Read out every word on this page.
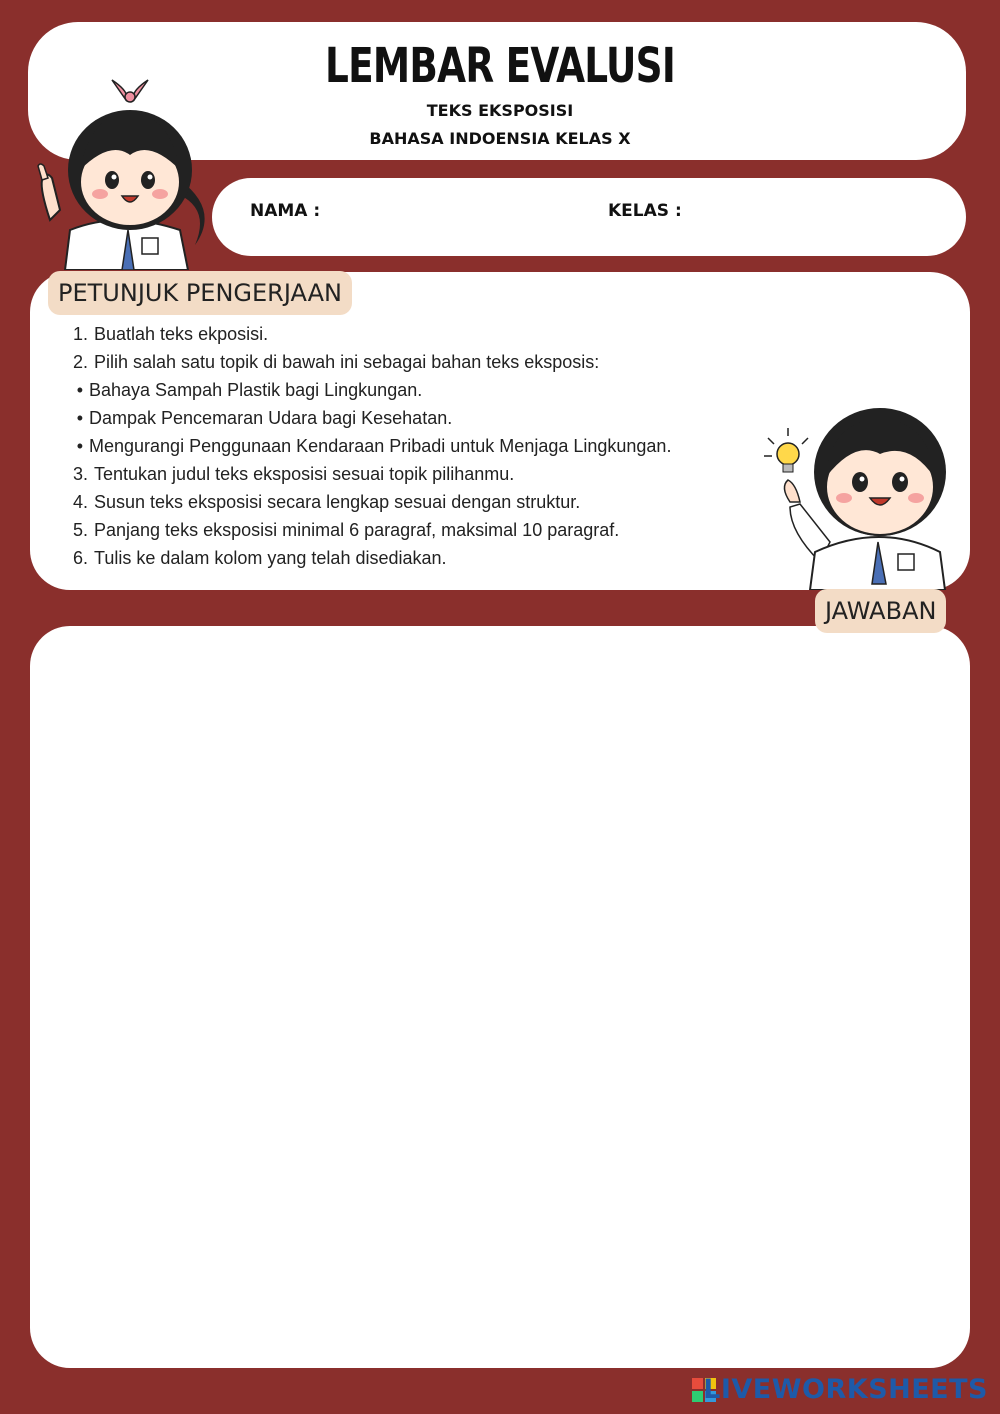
LEMBAR EVALUSI
TEKS EKSPOSISI
BAHASA INDOENSIA KELAS X
NAMA :	KELAS :
PETUNJUK PENGERJAAN
1. Buatlah teks ekposisi.
2. Pilih salah satu topik di bawah ini sebagai bahan teks eksposis:
• Bahaya Sampah Plastik bagi Lingkungan.
• Dampak Pencemaran Udara bagi Kesehatan.
• Mengurangi Penggunaan Kendaraan Pribadi untuk Menjaga Lingkungan.
3. Tentukan judul teks eksposisi sesuai topik pilihanmu.
4. Susun teks eksposisi secara lengkap sesuai dengan struktur.
5. Panjang teks eksposisi minimal 6 paragraf, maksimal 10 paragraf.
6. Tulis ke dalam kolom yang telah disediakan.
JAWABAN
LIVEWORKSHEETS
